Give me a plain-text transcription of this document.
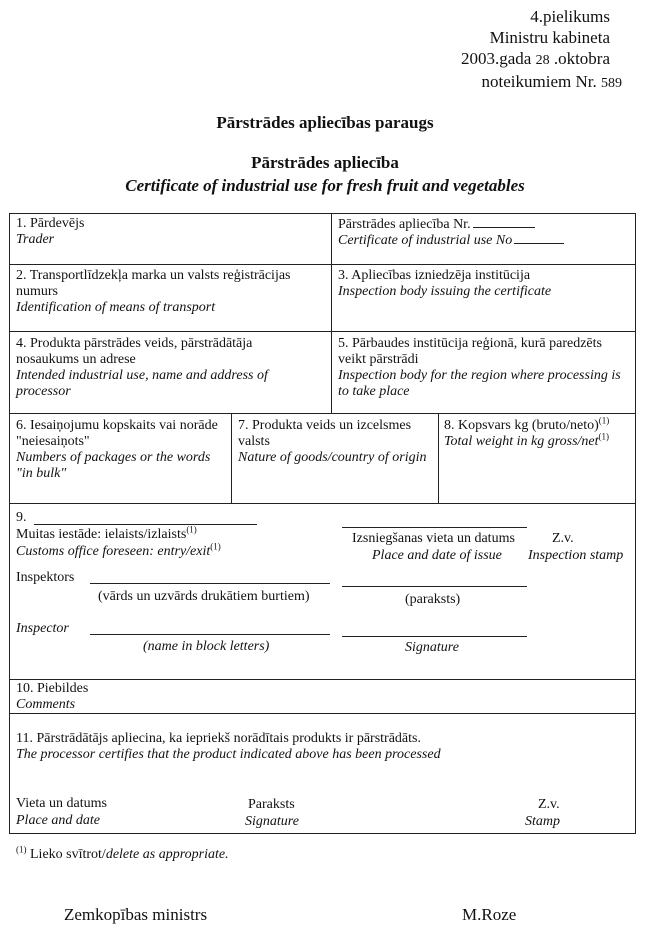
4.pielikums
Ministru kabineta
2003.gada 28 .oktobra
noteikumiem Nr. 589
Pārstrādes apliecības paraugs
Pārstrādes apliecība
Certificate of industrial use for fresh fruit and vegetables
1. Pārdevējs
Trader
Pārstrādes apliecība Nr.
Certificate of industrial use No
2. Transportlīdzekļa marka un valsts reģistrācijas numurs
Identification of means of transport
3. Apliecības izniedzēja institūcija
Inspection body issuing the certificate
4. Produkta pārstrādes veids, pārstrādātāja nosaukums un adrese
Intended industrial use, name and address of processor
5. Pārbaudes institūcija reģionā, kurā paredzēts veikt pārstrādi
Inspection body for the region where processing is to take place
6. Iesaiņojumu kopskaits vai norāde "neiesaiņots"
Numbers of packages or the words "in bulk"
7. Produkta veids un izcelsmes valsts
Nature of goods/country of origin
8. Kopsvars kg (bruto/neto)$^{(1)}$
Total weight in kg gross/net$^{(1)}$
9.
Muitas iestāde: ielaists/izlaists$^{(1)}$
Customs office foreseen: entry/exit$^{(1)}$
Izsniegšanas vieta un datums
Place and date of issue
Z.v.
Inspection stamp
Inspektors
(vārds un uzvārds drukātiem burtiem)	(paraksts)
Inspector
(name in block letters)	Signature
10. Piebildes
Comments
11. Pārstrādātājs apliecina, ka iepriekš norādītais produkts ir pārstrādāts.
The processor certifies that the product indicated above has been processed
Vieta un datums
Place and date
Paraksts
Signature
Z.v.
Stamp
$^{(1)}$ Lieko svītrot/delete as appropriate.
Zemkopības ministrs	M.Roze
